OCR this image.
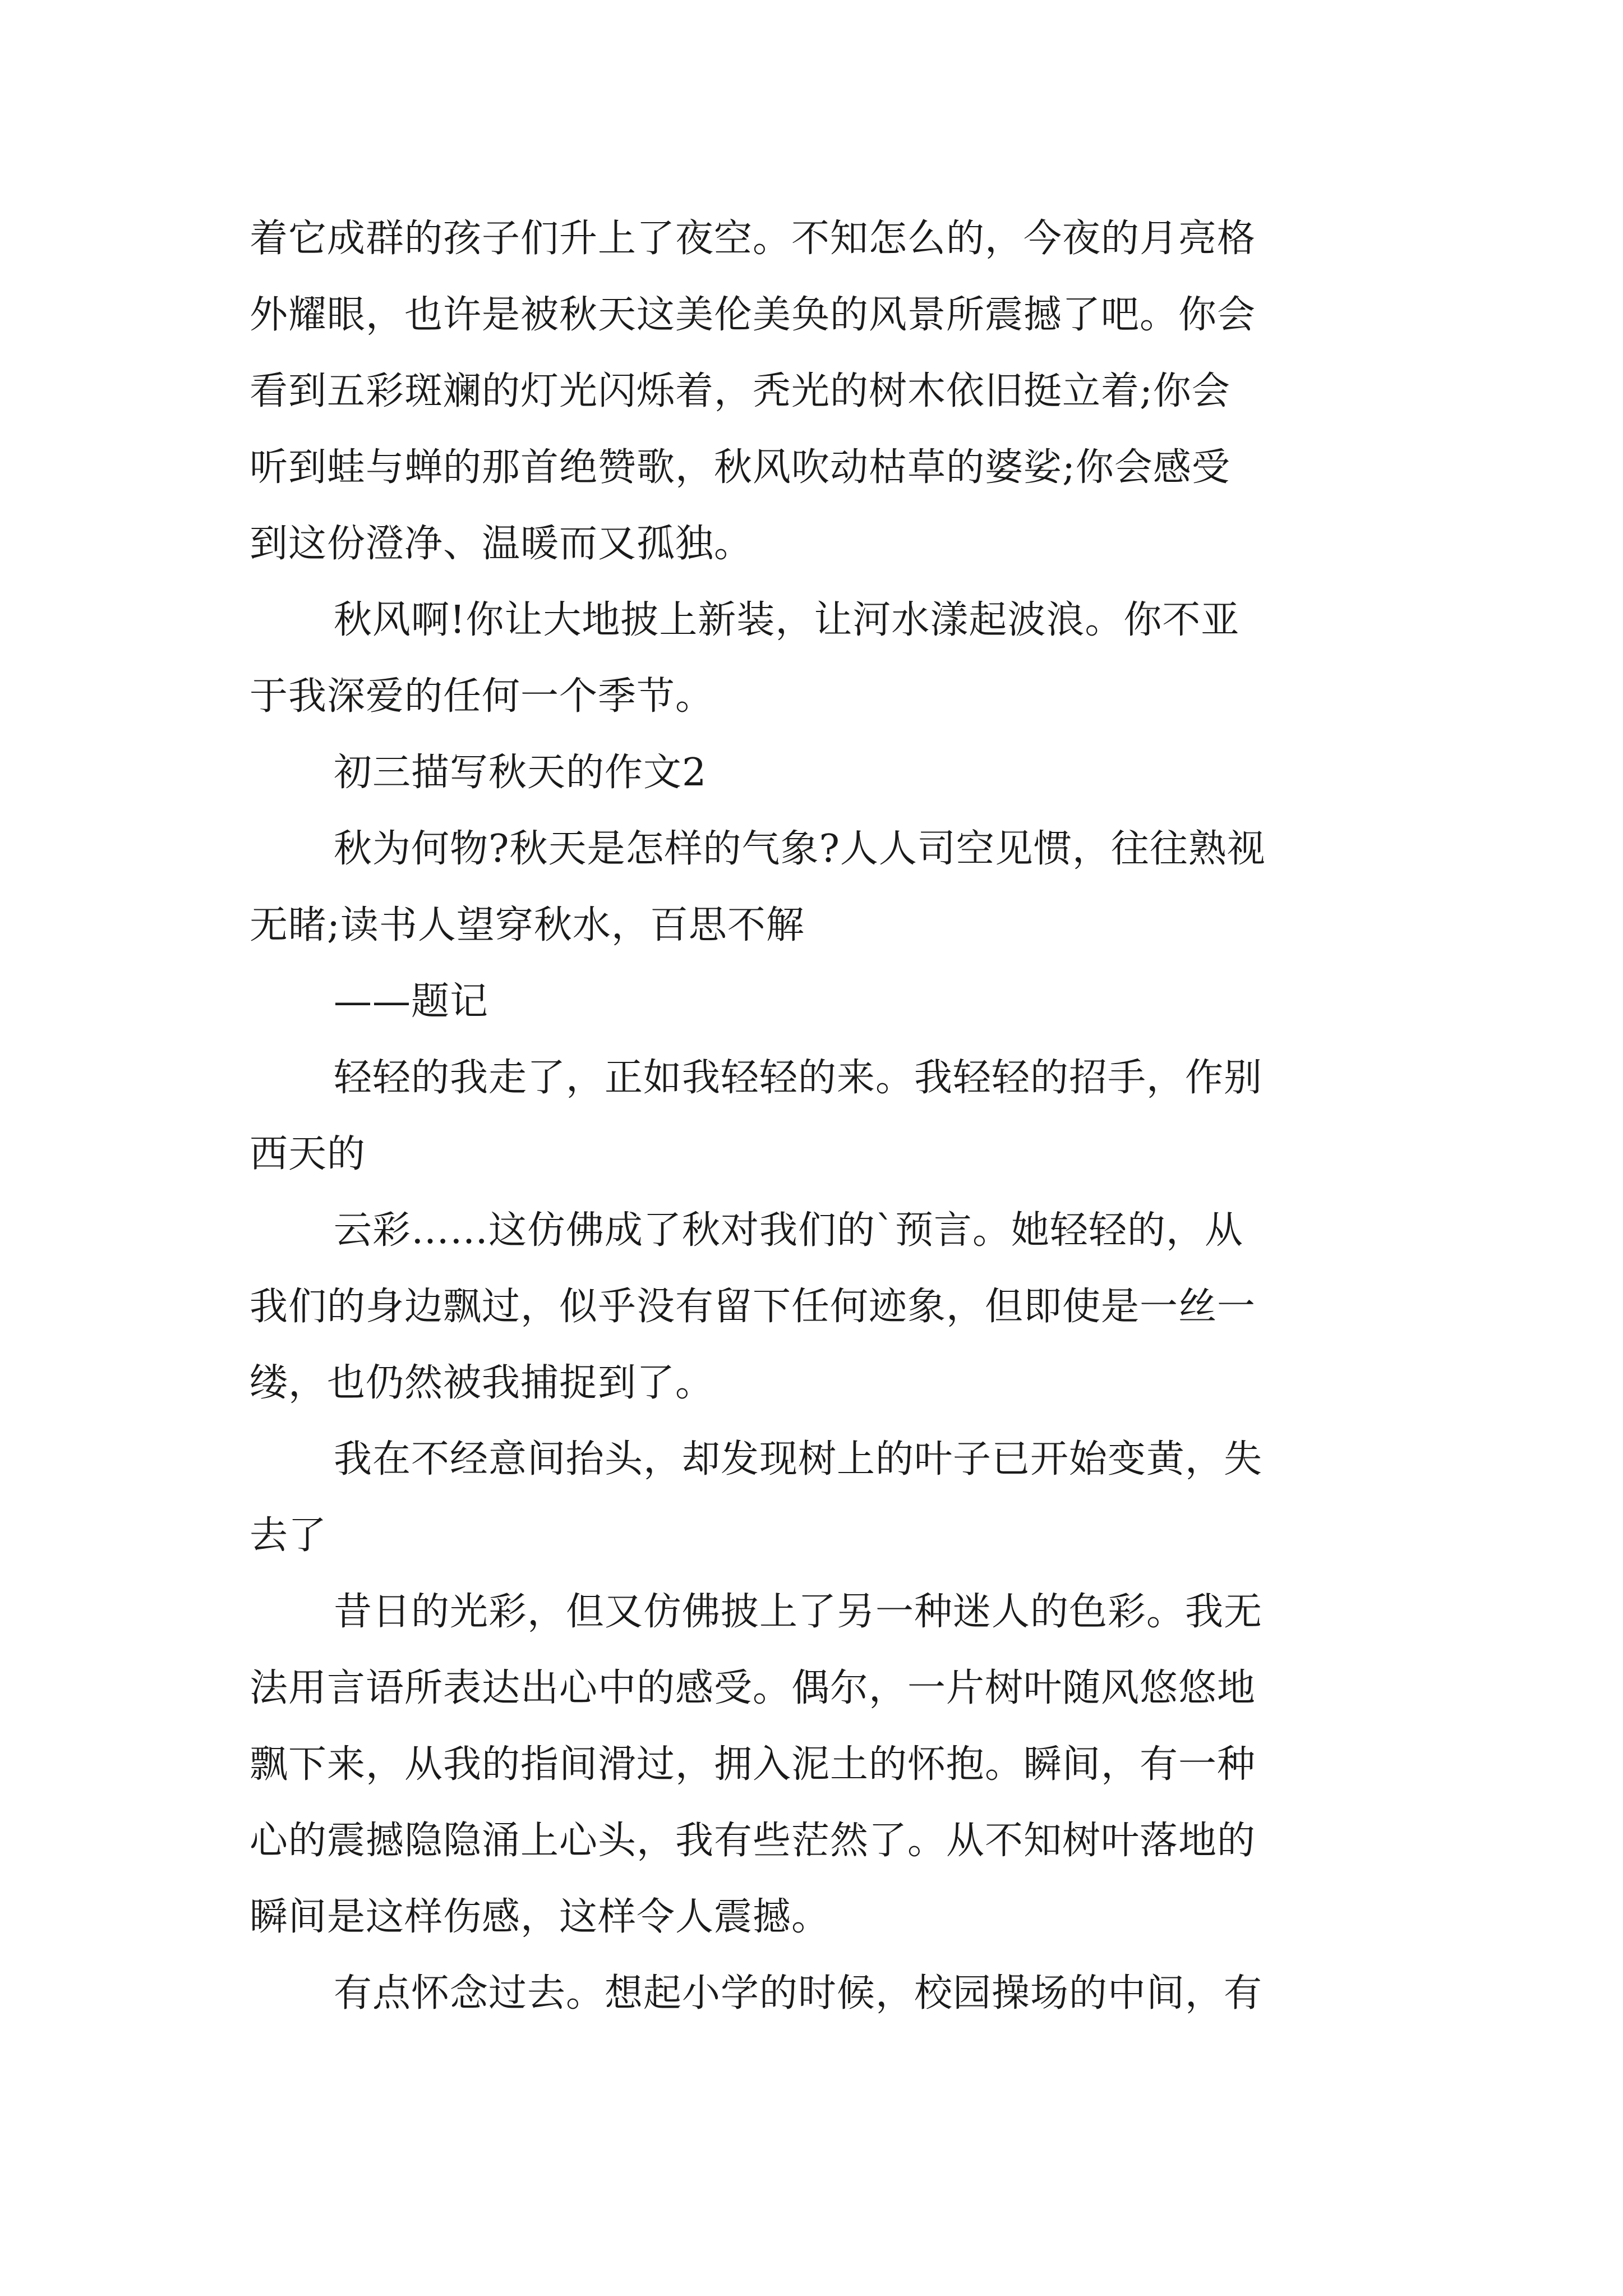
着它成群的孩子们升上了夜空。不知怎么的，今夜的月亮格
外耀眼，也许是被秋天这美伦美奂的风景所震撼了吧。你会
看到五彩斑斓的灯光闪烁着，秃光的树木依旧挺立着;你会
听到蛙与蝉的那首绝赞歌，秋风吹动枯草的婆娑;你会感受
到这份澄净、温暖而又孤独。
秋风啊!你让大地披上新装，让河水漾起波浪。你不亚
于我深爱的任何一个季节。
初三描写秋天的作文2
秋为何物?秋天是怎样的气象?人人司空见惯，往往熟视
无睹;读书人望穿秋水，百思不解
——题记
轻轻的我走了，正如我轻轻的来。我轻轻的招手，作别
西天的
云彩……这仿佛成了秋对我们的`预言。她轻轻的，从
我们的身边飘过，似乎没有留下任何迹象，但即使是一丝一
缕，也仍然被我捕捉到了。
我在不经意间抬头，却发现树上的叶子已开始变黄，失
去了
昔日的光彩，但又仿佛披上了另一种迷人的色彩。我无
法用言语所表达出心中的感受。偶尔，一片树叶随风悠悠地
飘下来，从我的指间滑过，拥入泥土的怀抱。瞬间，有一种
心的震撼隐隐涌上心头，我有些茫然了。从不知树叶落地的
瞬间是这样伤感，这样令人震撼。
有点怀念过去。想起小学的时候，校园操场的中间，有
